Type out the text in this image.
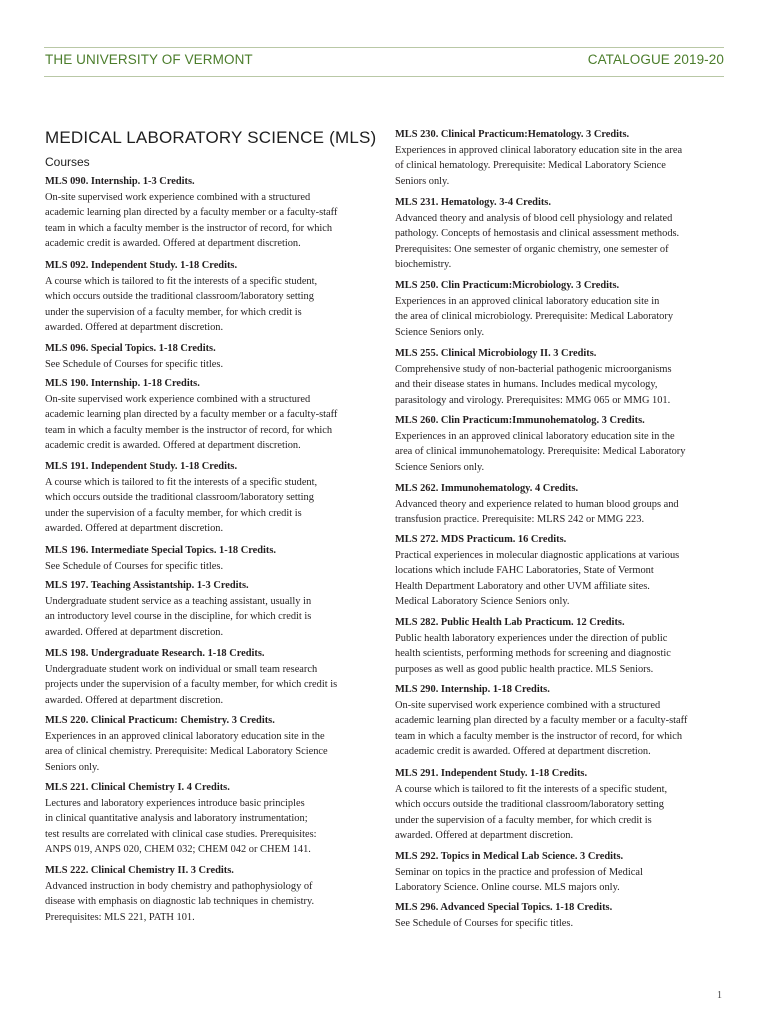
THE UNIVERSITY OF VERMONT	CATALOGUE 2019-20
MEDICAL LABORATORY SCIENCE (MLS)
Courses
MLS 090. Internship. 1-3 Credits.
On-site supervised work experience combined with a structured
academic learning plan directed by a faculty member or a faculty-staff
team in which a faculty member is the instructor of record, for which
academic credit is awarded. Offered at department discretion.
MLS 092. Independent Study. 1-18 Credits.
A course which is tailored to fit the interests of a specific student,
which occurs outside the traditional classroom/laboratory setting
under the supervision of a faculty member, for which credit is
awarded. Offered at department discretion.
MLS 096. Special Topics. 1-18 Credits.
See Schedule of Courses for specific titles.
MLS 190. Internship. 1-18 Credits.
On-site supervised work experience combined with a structured
academic learning plan directed by a faculty member or a faculty-staff
team in which a faculty member is the instructor of record, for which
academic credit is awarded. Offered at department discretion.
MLS 191. Independent Study. 1-18 Credits.
A course which is tailored to fit the interests of a specific student,
which occurs outside the traditional classroom/laboratory setting
under the supervision of a faculty member, for which credit is
awarded. Offered at department discretion.
MLS 196. Intermediate Special Topics. 1-18 Credits.
See Schedule of Courses for specific titles.
MLS 197. Teaching Assistantship. 1-3 Credits.
Undergraduate student service as a teaching assistant, usually in
an introductory level course in the discipline, for which credit is
awarded. Offered at department discretion.
MLS 198. Undergraduate Research. 1-18 Credits.
Undergraduate student work on individual or small team research
projects under the supervision of a faculty member, for which credit is
awarded. Offered at department discretion.
MLS 220. Clinical Practicum: Chemistry. 3 Credits.
Experiences in an approved clinical laboratory education site in the
area of clinical chemistry. Prerequisite: Medical Laboratory Science
Seniors only.
MLS 221. Clinical Chemistry I. 4 Credits.
Lectures and laboratory experiences introduce basic principles
in clinical quantitative analysis and laboratory instrumentation;
test results are correlated with clinical case studies. Prerequisites:
ANPS 019, ANPS 020, CHEM 032; CHEM 042 or CHEM 141.
MLS 222. Clinical Chemistry II. 3 Credits.
Advanced instruction in body chemistry and pathophysiology of
disease with emphasis on diagnostic lab techniques in chemistry.
Prerequisites: MLS 221, PATH 101.
MLS 230. Clinical Practicum:Hematology. 3 Credits.
Experiences in approved clinical laboratory education site in the area
of clinical hematology. Prerequisite: Medical Laboratory Science
Seniors only.
MLS 231. Hematology. 3-4 Credits.
Advanced theory and analysis of blood cell physiology and related
pathology. Concepts of hemostasis and clinical assessment methods.
Prerequisites: One semester of organic chemistry, one semester of
biochemistry.
MLS 250. Clin Practicum:Microbiology. 3 Credits.
Experiences in an approved clinical laboratory education site in
the area of clinical microbiology. Prerequisite: Medical Laboratory
Science Seniors only.
MLS 255. Clinical Microbiology II. 3 Credits.
Comprehensive study of non-bacterial pathogenic microorganisms
and their disease states in humans. Includes medical mycology,
parasitology and virology. Prerequisites: MMG 065 or MMG 101.
MLS 260. Clin Practicum:Immunohematolog. 3 Credits.
Experiences in an approved clinical laboratory education site in the
area of clinical immunohematology. Prerequisite: Medical Laboratory
Science Seniors only.
MLS 262. Immunohematology. 4 Credits.
Advanced theory and experience related to human blood groups and
transfusion practice. Prerequisite: MLRS 242 or MMG 223.
MLS 272. MDS Practicum. 16 Credits.
Practical experiences in molecular diagnostic applications at various
locations which include FAHC Laboratories, State of Vermont
Health Department Laboratory and other UVM affiliate sites.
Medical Laboratory Science Seniors only.
MLS 282. Public Health Lab Practicum. 12 Credits.
Public health laboratory experiences under the direction of public
health scientists, performing methods for screening and diagnostic
purposes as well as good public health practice. MLS Seniors.
MLS 290. Internship. 1-18 Credits.
On-site supervised work experience combined with a structured
academic learning plan directed by a faculty member or a faculty-staff
team in which a faculty member is the instructor of record, for which
academic credit is awarded. Offered at department discretion.
MLS 291. Independent Study. 1-18 Credits.
A course which is tailored to fit the interests of a specific student,
which occurs outside the traditional classroom/laboratory setting
under the supervision of a faculty member, for which credit is
awarded. Offered at department discretion.
MLS 292. Topics in Medical Lab Science. 3 Credits.
Seminar on topics in the practice and profession of Medical
Laboratory Science. Online course. MLS majors only.
MLS 296. Advanced Special Topics. 1-18 Credits.
See Schedule of Courses for specific titles.
1
